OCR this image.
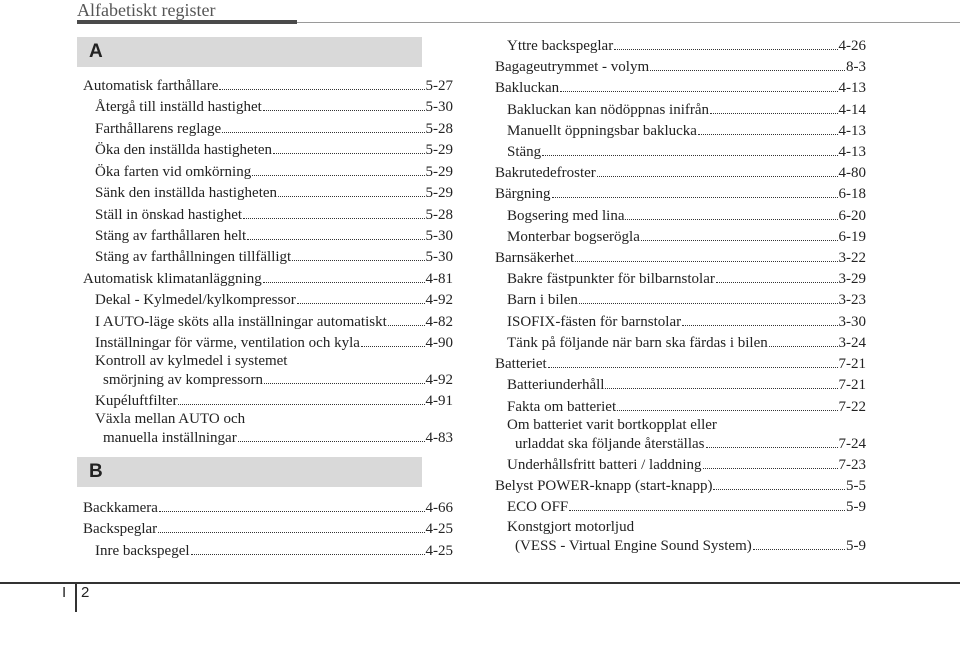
Alfabetiskt register
A
B
Automatisk farthållare	5-27
Återgå till inställd hastighet	5-30
Farthållarens reglage	5-28
Öka den inställda hastigheten	5-29
Öka farten vid omkörning	5-29
Sänk den inställda hastigheten	5-29
Ställ in önskad hastighet	5-28
Stäng av farthållaren helt	5-30
Stäng av farthållningen tillfälligt	5-30
Automatisk klimatanläggning	4-81
Dekal - Kylmedel/kylkompressor	4-92
I AUTO-läge sköts alla inställningar automatiskt	4-82
Inställningar för värme, ventilation och kyla	4-90
Kontroll av kylmedel i systemet
smörjning av kompressorn	4-92
Kupéluftfilter	4-91
Växla mellan AUTO och
manuella inställningar	4-83
Backkamera	4-66
Backspeglar	4-25
Inre backspegel	4-25
Yttre backspeglar	4-26
Bagageutrymmet - volym	8-3
Bakluckan	4-13
Bakluckan kan nödöppnas inifrån	4-14
Manuellt öppningsbar baklucka	4-13
Stäng	4-13
Bakrutedefroster	4-80
Bärgning	6-18
Bogsering med lina	6-20
Monterbar bogserögla	6-19
Barnsäkerhet	3-22
Bakre fästpunkter för bilbarnstolar	3-29
Barn i bilen	3-23
ISOFIX-fästen för barnstolar	3-30
Tänk på följande när barn ska färdas i bilen	3-24
Batteriet	7-21
Batteriunderhåll	7-21
Fakta om batteriet	7-22
Om batteriet varit bortkopplat eller
urladdat ska följande återställas	7-24
Underhållsfritt batteri / laddning	7-23
Belyst POWER-knapp (start-knapp)	5-5
ECO OFF	5-9
Konstgjort motorljud
(VESS - Virtual Engine Sound System)	5-9
I 2
